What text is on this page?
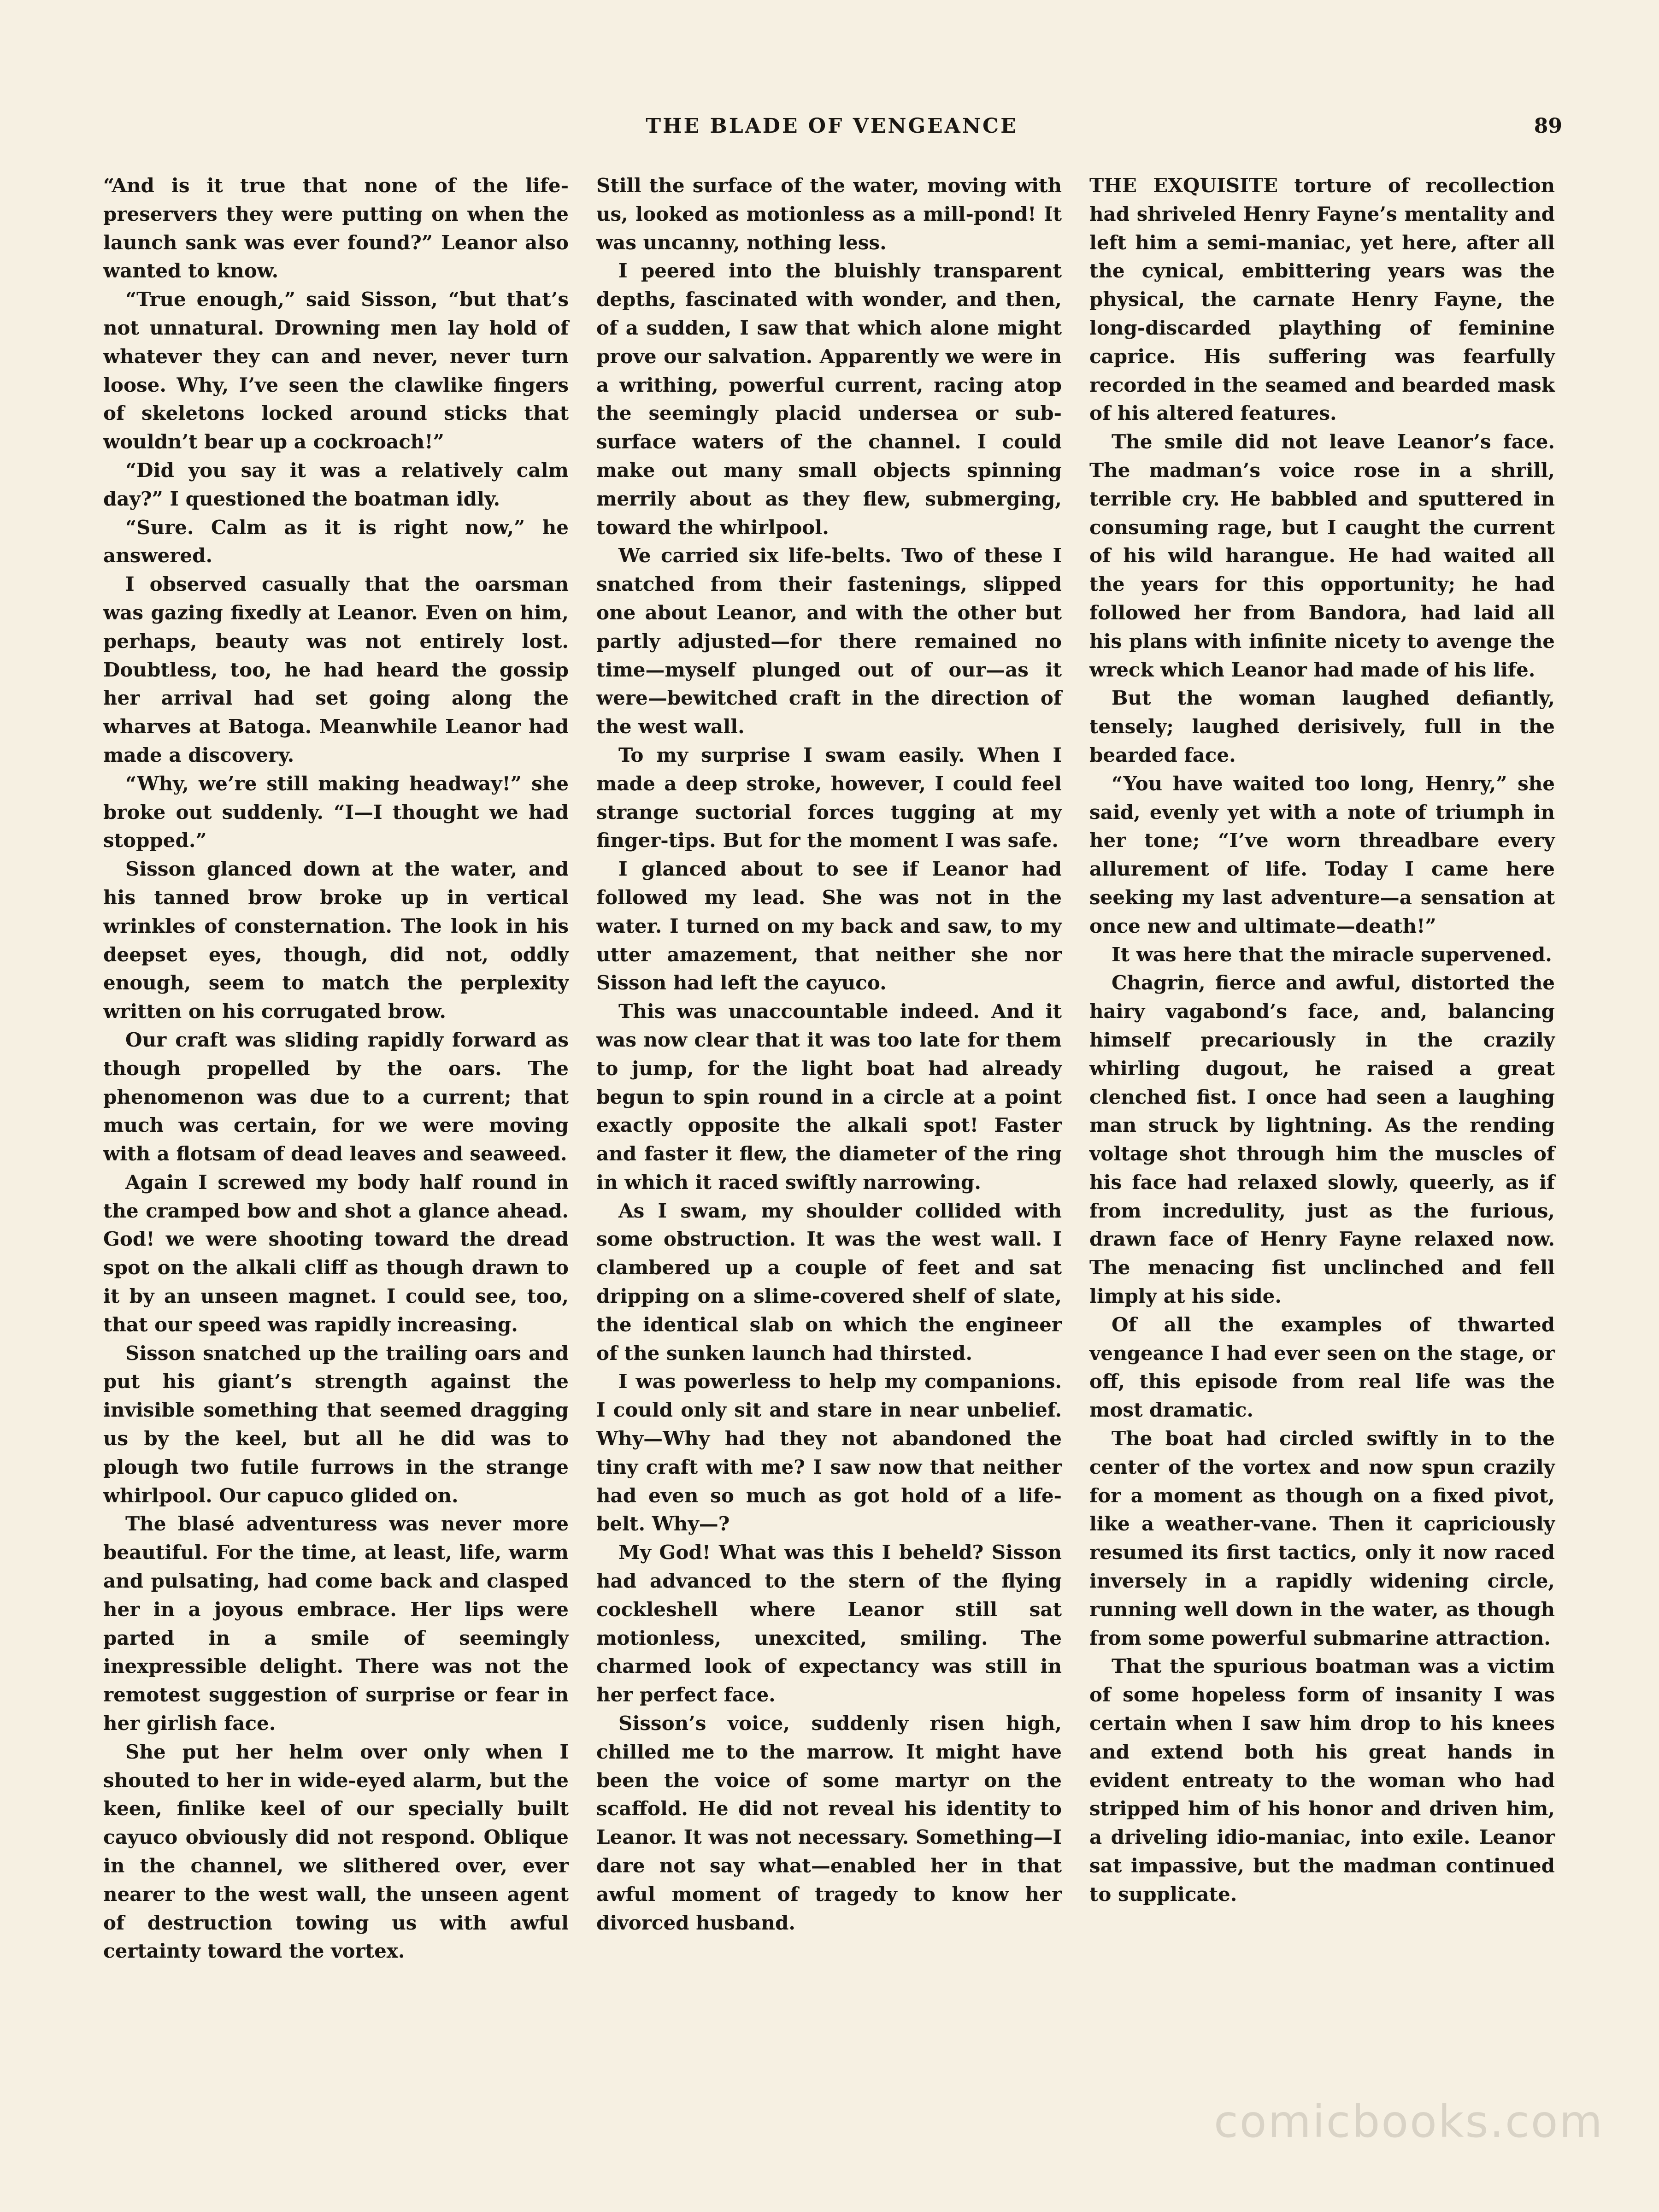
THE BLADE OF VENGEANCE	89

“And is it true that none of the life-preservers they were putting on when the launch sank was ever found?” Leanor also wanted to know.

“True enough,” said Sisson, “but that’s not unnatural. Drowning men lay hold of whatever they can and never, never turn loose. Why, I’ve seen the clawlike fingers of skeletons locked around sticks that wouldn’t bear up a cockroach!”

“Did you say it was a relatively calm day?” I questioned the boatman idly.

“Sure. Calm as it is right now,” he answered.

I observed casually that the oarsman was gazing fixedly at Leanor. Even on him, perhaps, beauty was not entirely lost. Doubtless, too, he had heard the gossip her arrival had set going along the wharves at Batoga. Meanwhile Leanor had made a discovery.

“Why, we’re still making headway!” she broke out suddenly. “I—I thought we had stopped.”

Sisson glanced down at the water, and his tanned brow broke up in vertical wrinkles of consternation. The look in his deepset eyes, though, did not, oddly enough, seem to match the perplexity written on his corrugated brow.

Our craft was sliding rapidly forward as though propelled by the oars. The phenomenon was due to a current; that much was certain, for we were moving with a flotsam of dead leaves and seaweed.

Again I screwed my body half round in the cramped bow and shot a glance ahead. God! we were shooting toward the dread spot on the alkali cliff as though drawn to it by an unseen magnet. I could see, too, that our speed was rapidly increasing.

Sisson snatched up the trailing oars and put his giant’s strength against the invisible something that seemed dragging us by the keel, but all he did was to plough two futile furrows in the strange whirlpool. Our capuco glided on.

The blasé adventuress was never more beautiful. For the time, at least, life, warm and pulsating, had come back and clasped her in a joyous embrace. Her lips were parted in a smile of seemingly inexpressible delight. There was not the remotest suggestion of surprise or fear in her girlish face.

She put her helm over only when I shouted to her in wide-eyed alarm, but the keen, finlike keel of our specially built cayuco obviously did not respond. Oblique in the channel, we slithered over, ever nearer to the west wall, the unseen agent of destruction towing us with awful certainty toward the vortex.

Still the surface of the water, moving with us, looked as motionless as a mill-pond! It was uncanny, nothing less.

I peered into the bluishly transparent depths, fascinated with wonder, and then, of a sudden, I saw that which alone might prove our salvation. Apparently we were in a writhing, powerful current, racing atop the seemingly placid undersea or sub-surface waters of the channel. I could make out many small objects spinning merrily about as they flew, submerging, toward the whirlpool.

We carried six life-belts. Two of these I snatched from their fastenings, slipped one about Leanor, and with the other but partly adjusted—for there remained no time—myself plunged out of our—as it were—bewitched craft in the direction of the west wall.

To my surprise I swam easily. When I made a deep stroke, however, I could feel strange suctorial forces tugging at my finger-tips. But for the moment I was safe.

I glanced about to see if Leanor had followed my lead. She was not in the water. I turned on my back and saw, to my utter amazement, that neither she nor Sisson had left the cayuco.

This was unaccountable indeed. And it was now clear that it was too late for them to jump, for the light boat had already begun to spin round in a circle at a point exactly opposite the alkali spot! Faster and faster it flew, the diameter of the ring in which it raced swiftly narrowing.

As I swam, my shoulder collided with some obstruction. It was the west wall. I clambered up a couple of feet and sat dripping on a slime-covered shelf of slate, the identical slab on which the engineer of the sunken launch had thirsted.

I was powerless to help my companions. I could only sit and stare in near unbelief. Why—Why had they not abandoned the tiny craft with me? I saw now that neither had even so much as got hold of a life-belt. Why—?

My God! What was this I beheld? Sisson had advanced to the stern of the flying cockleshell where Leanor still sat motionless, unexcited, smiling. The charmed look of expectancy was still in her perfect face.

Sisson’s voice, suddenly risen high, chilled me to the marrow. It might have been the voice of some martyr on the scaffold. He did not reveal his identity to Leanor. It was not necessary. Something—I dare not say what—enabled her in that awful moment of tragedy to know her divorced husband.

THE EXQUISITE torture of recollection had shriveled Henry Fayne’s mentality and left him a semi-maniac, yet here, after all the cynical, embittering years was the physical, the carnate Henry Fayne, the long-discarded plaything of feminine caprice. His suffering was fearfully recorded in the seamed and bearded mask of his altered features.

The smile did not leave Leanor’s face. The madman’s voice rose in a shrill, terrible cry. He babbled and sputtered in consuming rage, but I caught the current of his wild harangue. He had waited all the years for this opportunity; he had followed her from Bandora, had laid all his plans with infinite nicety to avenge the wreck which Leanor had made of his life.

But the woman laughed defiantly, tensely; laughed derisively, full in the bearded face.

“You have waited too long, Henry,” she said, evenly yet with a note of triumph in her tone; “I’ve worn threadbare every allurement of life. Today I came here seeking my last adventure—a sensation at once new and ultimate—death!”

It was here that the miracle supervened.

Chagrin, fierce and awful, distorted the hairy vagabond’s face, and, balancing himself precariously in the crazily whirling dugout, he raised a great clenched fist. I once had seen a laughing man struck by lightning. As the rending voltage shot through him the muscles of his face had relaxed slowly, queerly, as if from incredulity, just as the furious, drawn face of Henry Fayne relaxed now. The menacing fist unclinched and fell limply at his side.

Of all the examples of thwarted vengeance I had ever seen on the stage, or off, this episode from real life was the most dramatic.

The boat had circled swiftly in to the center of the vortex and now spun crazily for a moment as though on a fixed pivot, like a weather-vane. Then it capriciously resumed its first tactics, only it now raced inversely in a rapidly widening circle, running well down in the water, as though from some powerful submarine attraction.

That the spurious boatman was a victim of some hopeless form of insanity I was certain when I saw him drop to his knees and extend both his great hands in evident entreaty to the woman who had stripped him of his honor and driven him, a driveling idio-maniac, into exile. Leanor sat impassive, but the madman continued to supplicate.

comicbooks.com
